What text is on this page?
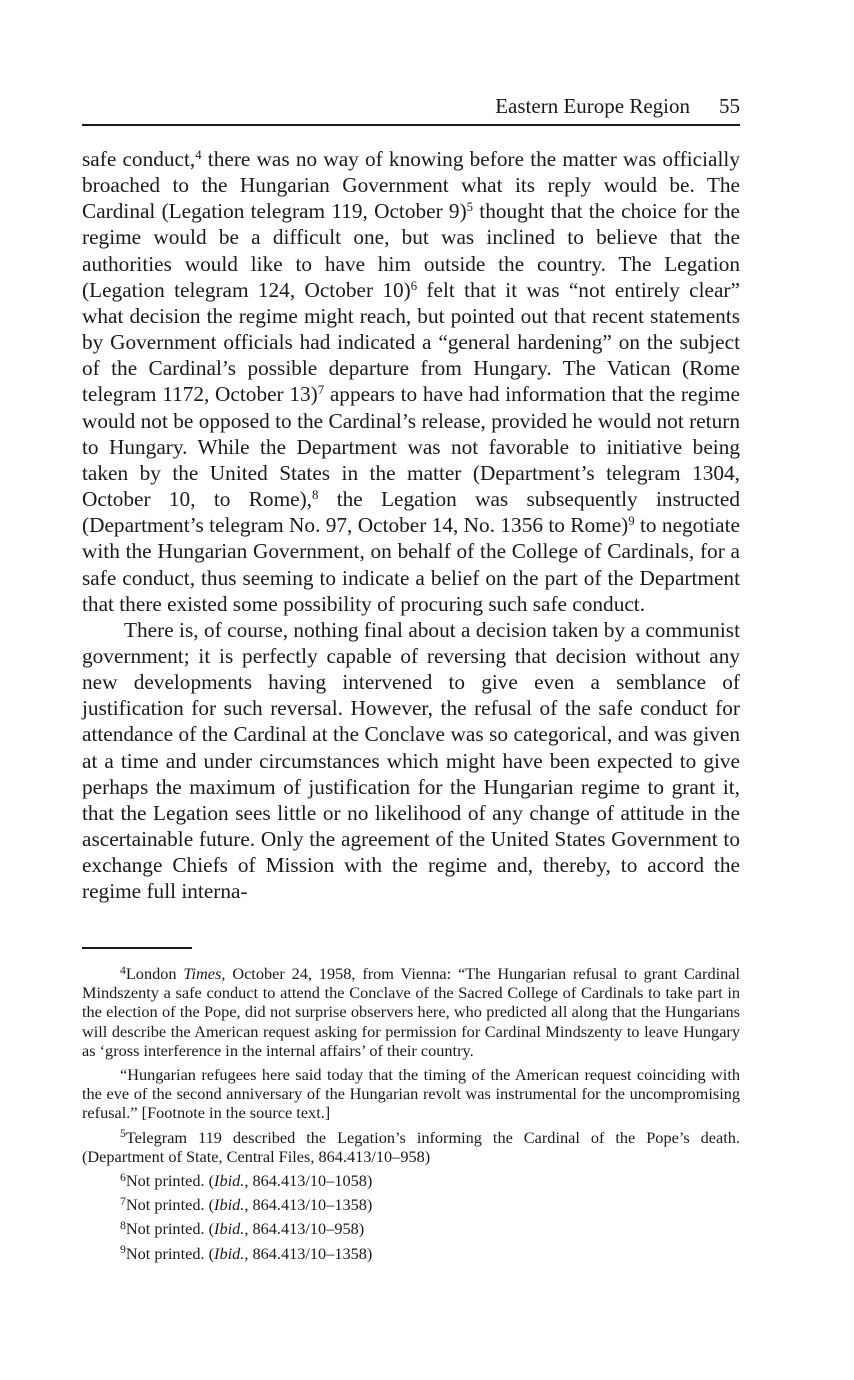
Eastern Europe Region 55

safe conduct,$^4$ there was no way of knowing before the matter was officially broached to the Hungarian Government what its reply would be. The Cardinal (Legation telegram 119, October 9)$^5$ thought that the choice for the regime would be a difficult one, but was inclined to believe that the authorities would like to have him outside the country. The Legation (Legation telegram 124, October 10)$^6$ felt that it was “not entirely clear” what decision the regime might reach, but pointed out that recent statements by Government officials had indicated a “general hardening” on the subject of the Cardinal’s possible departure from Hungary. The Vatican (Rome telegram 1172, October 13)$^7$ appears to have had information that the regime would not be opposed to the Cardinal’s release, provided he would not return to Hungary. While the Department was not favorable to initiative being taken by the United States in the matter (Department’s telegram 1304, October 10, to Rome),$^8$ the Legation was subsequently instructed (Department’s telegram No. 97, October 14, No. 1356 to Rome)$^9$ to negotiate with the Hungarian Government, on behalf of the College of Cardinals, for a safe conduct, thus seeming to indicate a belief on the part of the Department that there existed some possibility of procuring such safe conduct.

There is, of course, nothing final about a decision taken by a communist government; it is perfectly capable of reversing that decision without any new developments having intervened to give even a semblance of justification for such reversal. However, the refusal of the safe conduct for attendance of the Cardinal at the Conclave was so categorical, and was given at a time and under circumstances which might have been expected to give perhaps the maximum of justification for the Hungarian regime to grant it, that the Legation sees little or no likelihood of any change of attitude in the ascertainable future. Only the agreement of the United States Government to exchange Chiefs of Mission with the regime and, thereby, to accord the regime full interna-

$^4$London Times, October 24, 1958, from Vienna: “The Hungarian refusal to grant Cardinal Mindszenty a safe conduct to attend the Conclave of the Sacred College of Cardinals to take part in the election of the Pope, did not surprise observers here, who predicted all along that the Hungarians will describe the American request asking for permission for Cardinal Mindszenty to leave Hungary as ‘gross interference in the internal affairs’ of their country.

“Hungarian refugees here said today that the timing of the American request coinciding with the eve of the second anniversary of the Hungarian revolt was instrumental for the uncompromising refusal.” [Footnote in the source text.]

$^5$Telegram 119 described the Legation’s informing the Cardinal of the Pope’s death. (Department of State, Central Files, 864.413/10–958)

$^6$Not printed. (Ibid., 864.413/10–1058)

$^7$Not printed. (Ibid., 864.413/10–1358)

$^8$Not printed. (Ibid., 864.413/10–958)

$^9$Not printed. (Ibid., 864.413/10–1358)
